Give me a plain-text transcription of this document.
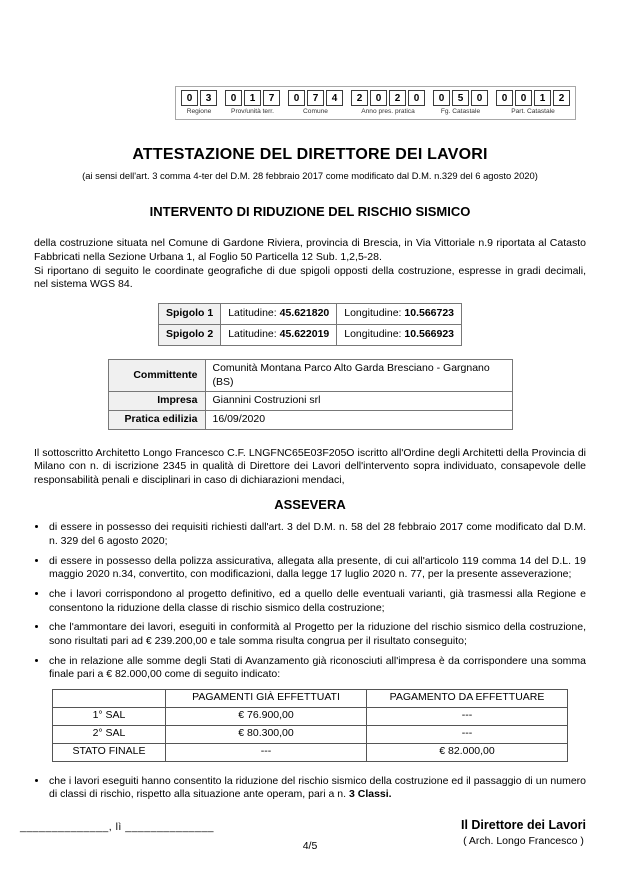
0	3
Regione
0	1	7
Prov/unità terr.
0	7	4
Comune
2	0	2	0
Anno pres. pratica
0	5	0
Fg. Catastale
0	0	1	2
Part. Catastale
ATTESTAZIONE DEL DIRETTORE DEI LAVORI
(ai sensi dell'art. 3 comma 4-ter del D.M. 28 febbraio 2017 come modificato dal D.M. n.329 del 6 agosto 2020)
INTERVENTO DI RIDUZIONE DEL RISCHIO SISMICO

della costruzione situata nel Comune di Gardone Riviera, provincia di Brescia, in Via Vittoriale n.9 riportata al Catasto Fabbricati nella Sezione Urbana 1, al Foglio 50 Particella 12 Sub. 1,2,5-28.

Si riportano di seguito le coordinate geografiche di due spigoli opposti della costruzione, espresse in gradi decimali, nel sistema WGS 84.

Spigolo 1	Latitudine: 45.621820	Longitudine: 10.566723
Spigolo 2	Latitudine: 45.622019	Longitudine: 10.566923
Committente	Comunità Montana Parco Alto Garda Bresciano - Gargnano (BS)
Impresa	Giannini Costruzioni srl
Pratica edilizia	16/09/2020

Il sottoscritto Architetto Longo Francesco C.F. LNGFNC65E03F205O iscritto all'Ordine degli Architetti della Provincia di Milano con n. di iscrizione 2345 in qualità di Direttore dei Lavori dell'intervento sopra individuato, consapevole delle responsabilità penali e disciplinari in caso di dichiarazioni mendaci,

ASSEVERA
• di essere in possesso dei requisiti richiesti dall'art. 3 del D.M. n. 58 del 28 febbraio 2017 come modificato dal D.M. n. 329 del 6 agosto 2020;
• di essere in possesso della polizza assicurativa, allegata alla presente, di cui all'articolo 119 comma 14 del D.L. 19 maggio 2020 n.34, convertito, con modificazioni, dalla legge 17 luglio 2020 n. 77, per la presente asseverazione;
• che i lavori corrispondono al progetto definitivo, ed a quello delle eventuali varianti, già trasmessi alla Regione e consentono la riduzione della classe di rischio sismico della costruzione;
• che l'ammontare dei lavori, eseguiti in conformità al Progetto per la riduzione del rischio sismico della costruzione, sono risultati pari ad € 239.200,00 e tale somma risulta congrua per il risultato conseguito;
• che in relazione alle somme degli Stati di Avanzamento già riconosciuti all'impresa è da corrispondere una somma finale pari a € 82.000,00 come di seguito indicato:
	PAGAMENTI GIÀ EFFETTUATI	PAGAMENTO DA EFFETTUARE
1° SAL	€ 76.900,00	---
2° SAL	€ 80.300,00	---
STATO FINALE	---	€ 82.000,00
• che i lavori eseguiti hanno consentito la riduzione del rischio sismico della costruzione ed il passaggio di un numero di classi di rischio, rispetto alla situazione ante operam, pari a n. 3 Classi.
______________, lì ______________	Il Direttore dei Lavori
( Arch. Longo Francesco )
4/5
